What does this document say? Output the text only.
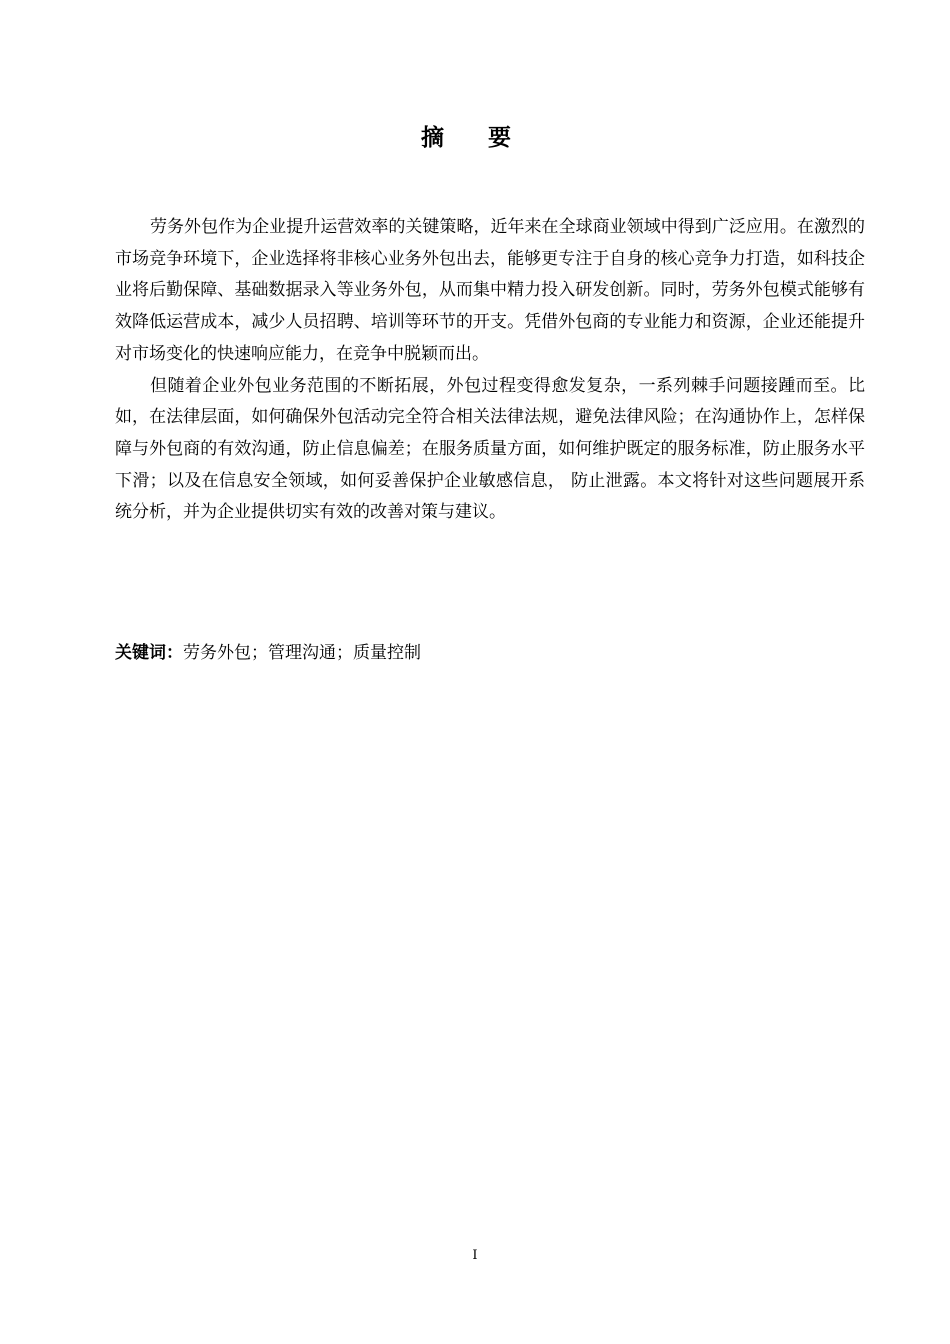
摘 要

劳务外包作为企业提升运营效率的关键策略，近年来在全球商业领域中得到广泛应用。在激烈的市场竞争环境下，企业选择将非核心业务外包出去，能够更专注于自身的核心竞争力打造，如科技企业将后勤保障、基础数据录入等业务外包，从而集中精力投入研发创新。同时，劳务外包模式能够有效降低运营成本，减少人员招聘、培训等环节的开支。凭借外包商的专业能力和资源，企业还能提升对市场变化的快速响应能力，在竞争中脱颖而出。

但随着企业外包业务范围的不断拓展，外包过程变得愈发复杂，一系列棘手问题接踵而至。比如，在法律层面，如何确保外包活动完全符合相关法律法规，避免法律风险；在沟通协作上，怎样保障与外包商的有效沟通，防止信息偏差；在服务质量方面，如何维护既定的服务标准，防止服务水平下滑；以及在信息安全领域，如何妥善保护企业敏感信息， 防止泄露。本文将针对这些问题展开系统分析，并为企业提供切实有效的改善对策与建议。

关键词：劳务外包；管理沟通；质量控制
I
